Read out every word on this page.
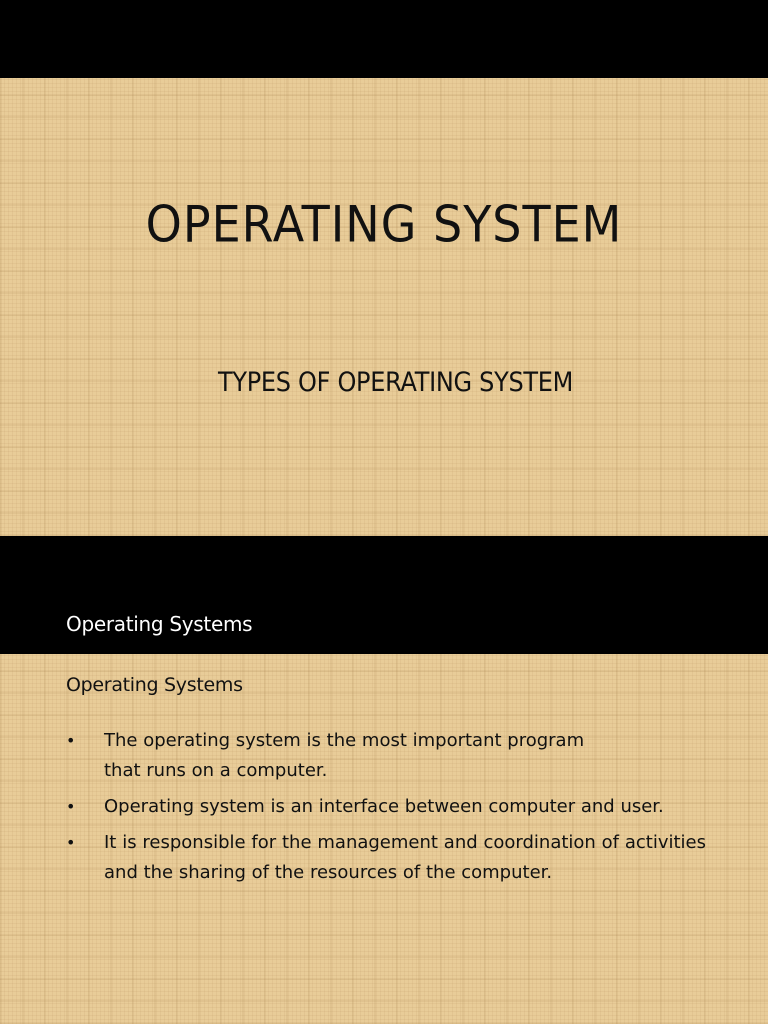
OPERATING SYSTEM
TYPES OF OPERATING SYSTEM
Operating Systems
Operating Systems
• The operating system is the most important program that runs on a computer.
• Operating system is an interface between computer and user.
• It is responsible for the management and coordination of activities and the sharing of the resources of the computer.
